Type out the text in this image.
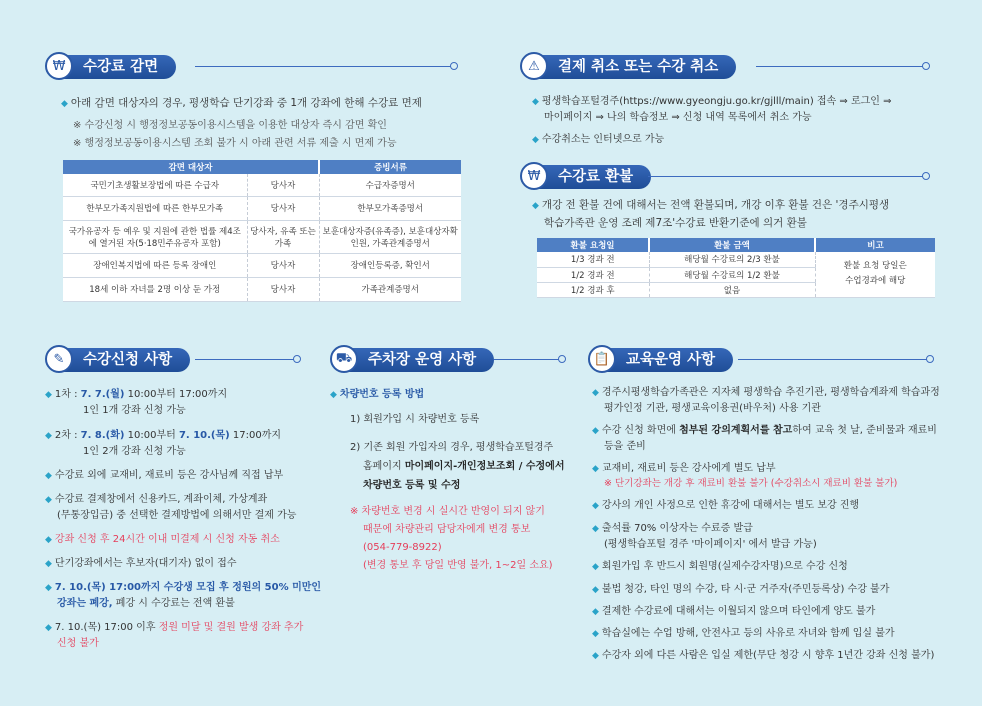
₩	수강료 감면
◆ 아래 감면 대상자의 경우, 평생학습 단기강좌 중 1개 강좌에 한해 수강료 면제
※ 수강신청 시 행정정보공동이용시스템을 이용한 대상자 즉시 감면 확인
※ 행정정보공동이용시스템 조회 불가 시 아래 관련 서류 제출 시 면제 가능
감면 대상자		증빙서류
국민기초생활보장법에 따른 수급자	당사자	수급자증명서
한부모가족지원법에 따른 한부모가족	당사자	한부모가족증명서
국가유공자 등 예우 및 지원에 관한 법률 제4조에 열거된 자(5·18민주유공자 포함)	당사자, 유족 또는 가족	보훈대상자증(유족증), 보훈대상자확인원, 가족관계증명서
장애인복지법에 따른 등록 장애인	당사자	장애인등록증, 확인서
18세 이하 자녀를 2명 이상 둔 가정	당사자	가족관계증명서
⚠	결제 취소 또는 수강 취소
◆ 평생학습포털경주(https://www.gyeongju.go.kr/gjlll/main) 접속 ⇒ 로그인 ⇒
마이페이지 ⇒ 나의 학습정보 ⇒ 신청 내역 목록에서 취소 가능
◆ 수강취소는 인터넷으로 가능
₩	수강료 환불
◆ 개강 전 환불 건에 대해서는 전액 환불되며, 개강 이후 환불 건은 '경주시평생
학습가족관 운영 조례 제7조'수강료 반환기준에 의거 환불
환불 요청일	환불 금액	비고
1/3 경과 전	해당월 수강료의 2/3 환불	환불 요청 당일은
수업경과에 해당
1/2 경과 전	해당월 수강료의 1/2 환불	
1/2 경과 후	없음	
✎	수강신청 사항
◆ 1차 : 7. 7.(월) 10:00부터 17:00까지
1인 1개 강좌 신청 가능
◆ 2차 : 7. 8.(화) 10:00부터 7. 10.(목) 17:00까지
1인 2개 강좌 신청 가능
◆ 수강료 외에 교재비, 재료비 등은 강사님께 직접 납부
◆ 수강료 결제창에서 신용카드, 계좌이체, 가상계좌
(무통장입금) 중 선택한 결제방법에 의해서만 결제 가능
◆ 강좌 신청 후 24시간 이내 미결제 시 신청 자동 취소
◆ 단기강좌에서는 후보자(대기자) 없이 접수
◆ 7. 10.(목) 17:00까지 수강생 모집 후 정원의 50% 미만인
강좌는 폐강, 폐강 시 수강료는 전액 환불
◆ 7. 10.(목) 17:00 이후 정원 미달 및 결원 발생 강좌 추가
신청 불가
⛟	주차장 운영 사항
◆ 차량번호 등록 방법
1) 회원가입 시 차량번호 등록
2) 기존 회원 가입자의 경우, 평생학습포털경주
홈페이지 마이페이지-개인정보조회 / 수정에서
차량번호 등록 및 수정
※ 차량번호 변경 시 실시간 반영이 되지 않기
때문에 차량관리 담당자에게 변경 통보
(054-779-8922)
(변경 통보 후 당일 반영 불가, 1~2일 소요)
📋	교육운영 사항
◆ 경주시평생학습가족관은 지자체 평생학습 추진기관, 평생학습계좌제 학습과정
평가인정 기관, 평생교육이용권(바우처) 사용 기관
◆ 수강 신청 화면에 첨부된 강의계획서를 참고하여 교육 첫 날, 준비물과 재료비
등을 준비
◆ 교재비, 재료비 등은 강사에게 별도 납부
※ 단기강좌는 개강 후 재료비 환불 불가 (수강취소시 재료비 환불 불가)
◆ 강사의 개인 사정으로 인한 휴강에 대해서는 별도 보강 진행
◆ 출석률 70% 이상자는 수료증 발급
(평생학습포털 경주 '마이페이지' 에서 발급 가능)
◆ 회원가입 후 반드시 회원명(실제수강자명)으로 수강 신청
◆ 불법 청강, 타인 명의 수강, 타 시·군 거주자(주민등록상) 수강 불가
◆ 결제한 수강료에 대해서는 이월되지 않으며 타인에게 양도 불가
◆ 학습실에는 수업 방해, 안전사고 등의 사유로 자녀와 함께 입실 불가
◆ 수강자 외에 다른 사람은 입실 제한(무단 청강 시 향후 1년간 강좌 신청 불가)
